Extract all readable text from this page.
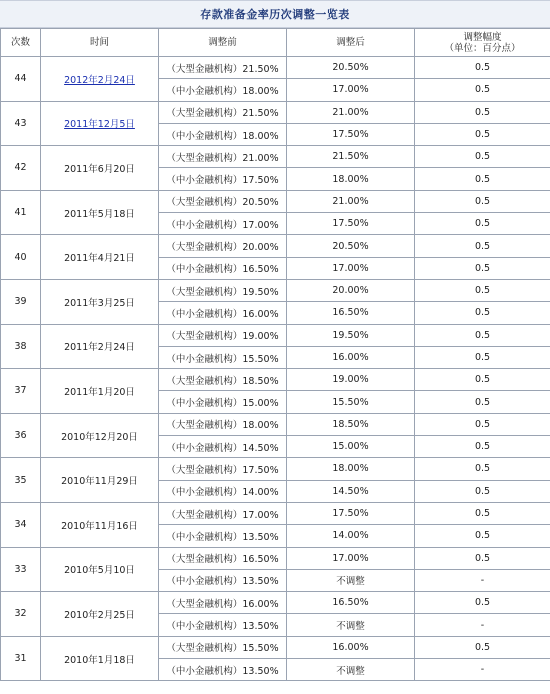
存款准备金率历次调整一览表
次数	时间	调整前	调整后	调整幅度
（单位：百分点）

44	2012年2月24日	（大型金融机构）21.50%	20.50%	0.5
		（中小金融机构）18.00%	17.00%	0.5
43	2011年12月5日	（大型金融机构）21.50%	21.00%	0.5
		（中小金融机构）18.00%	17.50%	0.5
42	2011年6月20日	（大型金融机构）21.00%	21.50%	0.5
		（中小金融机构）17.50%	18.00%	0.5
41	2011年5月18日	（大型金融机构）20.50%	21.00%	0.5
		（中小金融机构）17.00%	17.50%	0.5
40	2011年4月21日	（大型金融机构）20.00%	20.50%	0.5
		（中小金融机构）16.50%	17.00%	0.5
39	2011年3月25日	（大型金融机构）19.50%	20.00%	0.5
		（中小金融机构）16.00%	16.50%	0.5
38	2011年2月24日	（大型金融机构）19.00%	19.50%	0.5
		（中小金融机构）15.50%	16.00%	0.5
37	2011年1月20日	（大型金融机构）18.50%	19.00%	0.5
		（中小金融机构）15.00%	15.50%	0.5
36	2010年12月20日	（大型金融机构）18.00%	18.50%	0.5
		（中小金融机构）14.50%	15.00%	0.5
35	2010年11月29日	（大型金融机构）17.50%	18.00%	0.5
		（中小金融机构）14.00%	14.50%	0.5
34	2010年11月16日	（大型金融机构）17.00%	17.50%	0.5
		（中小金融机构）13.50%	14.00%	0.5
33	2010年5月10日	（大型金融机构）16.50%	17.00%	0.5
		（中小金融机构）13.50%	不调整	-
32	2010年2月25日	（大型金融机构）16.00%	16.50%	0.5
		（中小金融机构）13.50%	不调整	-
31	2010年1月18日	（大型金融机构）15.50%	16.00%	0.5
		（中小金融机构）13.50%	不调整	-
